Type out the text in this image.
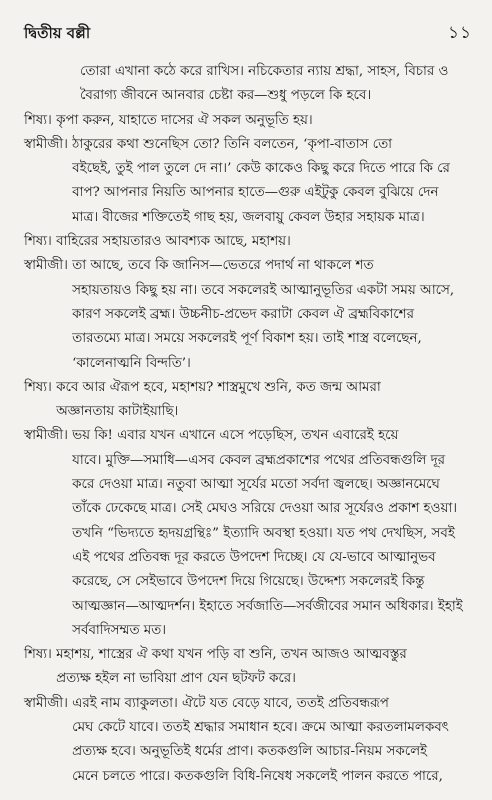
দ্বিতীয় বল্লী	১১
তোরা এখানা কঠে করে রাখিস। নচিকেতার ন্যায় শ্রদ্ধা, সাহস, বিচার ও
বৈরাগ্য জীবনে আনবার চেষ্টা কর—শুধু পড়লে কি হবে।
শিষ্য। কৃপা করুন, যাহাতে দাসের ঐ সকল অনুভূতি হয়।
স্বামীজী। ঠাকুরের কথা শুনেছিস তো? তিনি বলতেন, ‘কৃপা-বাতাস তো
বইছেই, তুই পাল তুলে দে না।’ কেউ কাকেও কিছু করে দিতে পারে কি রে
বাপ? আপনার নিয়তি আপনার হাতে—গুরু এইটুকু কেবল বুঝিয়ে দেন
মাত্র। বীজের শক্তিতেই গাছ হয়, জলবায়ু কেবল উহার সহায়ক মাত্র।
শিষ্য। বাহিরের সহায়তারও আবশ্যক আছে, মহাশয়।
স্বামীজী। তা আছে, তবে কি জানিস—ভেতরে পদার্থ না থাকলে শত
সহায়তায়ও কিছু হয় না। তবে সকলেরই আত্মানুভূতির একটা সময় আসে,
কারণ সকলেই ব্রহ্ম। উচ্চনীচ-প্রভেদ করাটা কেবল ঐ ব্রহ্মবিকাশের
তারতম্যে মাত্র। সময়ে সকলেরই পূর্ণ বিকাশ হয়। তাই শাস্ত্র বলেছেন,
‘কালেনাত্মনি বিন্দতি’।
শিষ্য। কবে আর ঐরূপ হবে, মহাশয়? শাস্ত্রমুখে শুনি, কত জন্ম আমরা
অজ্ঞানতায় কাটাইয়াছি।
স্বামীজী। ভয় কি! এবার যখন এখানে এসে পড়েছিস, তখন এবারেই হয়ে
যাবে। মুক্তি—সমাধি—এসব কেবল ব্রহ্মপ্রকাশের পথের প্রতিবন্ধগুলি দূর
করে দেওয়া মাত্র। নতুবা আত্মা সূর্যের মতো সর্বদা জ্বলছে। অজ্ঞানমেঘে
তাঁকে ঢেকেছে মাত্র। সেই মেঘও সরিয়ে দেওয়া আর সূর্যেরও প্রকাশ হওয়া।
তখনি “ভিদ্যতে হৃদয়গ্রন্থিঃ” ইত্যাদি অবস্থা হওয়া। যত পথ দেখছিস, সবই
এই পথের প্রতিবন্ধ দূর করতে উপদেশ দিচ্ছে। যে যে-ভাবে আত্মানুভব
করেছে, সে সেইভাবে উপদেশ দিয়ে গিয়েছে। উদ্দেশ্য সকলেরই কিন্তু
আত্মজ্ঞান—আত্মদর্শন। ইহাতে সর্বজাতি—সর্বজীবের সমান অধিকার। ইহাই
সর্ববাদিসম্মত মত।
শিষ্য। মহাশয়, শাস্ত্রের ঐ কথা যখন পড়ি বা শুনি, তখন আজও আত্মবস্তুর
প্রত্যক্ষ হইল না ভাবিয়া প্রাণ যেন ছটফট করে।
স্বামীজী। এরই নাম ব্যাকুলতা। ঐটে যত বেড়ে যাবে, ততই প্রতিবন্ধরূপ
মেঘ কেটে যাবে। ততই শ্রদ্ধার সমাধান হবে। ক্রমে আত্মা করতলামলকবৎ
প্রত্যক্ষ হবে। অনুভূতিই ধর্মের প্রাণ। কতকগুলি আচার-নিয়ম সকলেই
মেনে চলতে পারে। কতকগুলি বিধি-নিষেধ সকলেই পালন করতে পারে,
